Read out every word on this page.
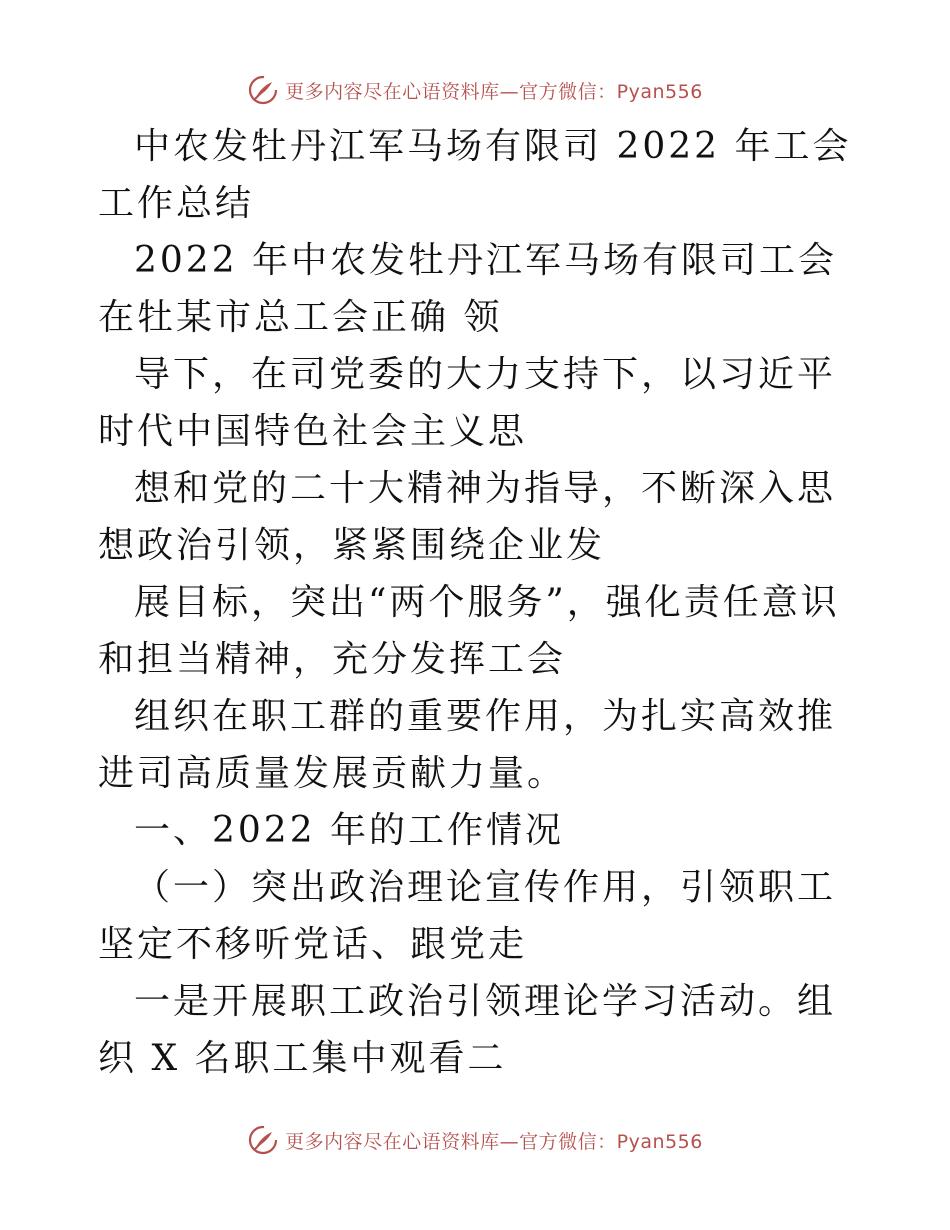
更多内容尽在心语资料库—官方微信：Pyan556

中农发牡丹江军马场有限司 2022 年工会工作总结

2022 年中农发牡丹江军马场有限司工会在牡某市总工会正确 领

导下，在司党委的大力支持下，以习近平时代中国特色社会主义思

想和党的二十大精神为指导，不断深入思想政治引领，紧紧围绕企业发

展目标，突出“两个服务”，强化责任意识和担当精神，充分发挥工会

组织在职工群的重要作用，为扎实高效推进司高质量发展贡献力量。

一、2022 年的工作情况

（一）突出政治理论宣传作用，引领职工坚定不移听党话、跟党走

一是开展职工政治引领理论学习活动。组织 X 名职工集中观看二

更多内容尽在心语资料库—官方微信：Pyan556
